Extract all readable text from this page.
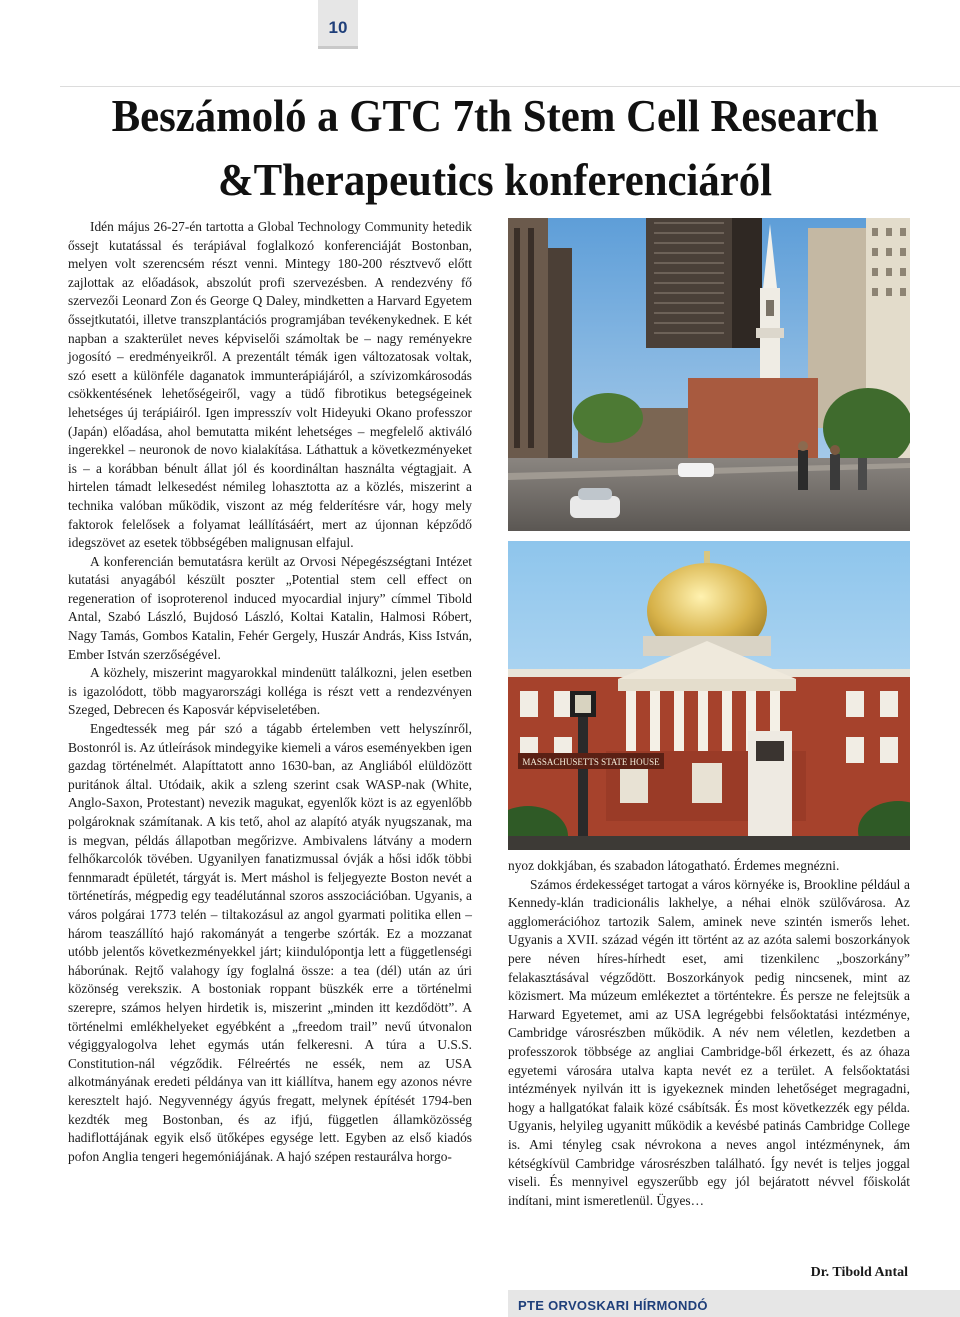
10
Beszámoló a GTC 7th Stem Cell Research
&Therapeutics konferenciáról

Idén május 26-27-én tartotta a Global Technology Community hetedik őssejt kutatással és terápiával foglalkozó konferenciáját Bostonban, melyen volt szerencsém részt venni. Mintegy 180-200 résztvevő előtt zajlottak az előadások, abszolút profi szervezésben. A rendezvény fő szervezői Leonard Zon és George Q Daley, mindketten a Harvard Egyetem őssejtkutatói, illetve transzplantációs programjában tevékenykednek. E két napban a szakterület neves képviselői számoltak be – nagy reményekre jogosító – eredményeikről. A prezentált témák igen változatosak voltak, szó esett a különféle daganatok immunterápiájáról, a szívizomkárosodás csökkentésének lehetőségeiről, vagy a tüdő fibrotikus betegségeinek lehetséges új terápiáiról. Igen impresszív volt Hideyuki Okano professzor (Japán) előadása, ahol bemutatta miként lehetséges – megfelelő aktiváló ingerekkel – neuronok de novo kialakítása. Láthattuk a következményeket is – a korábban bénult állat jól és koordináltan használta végtagjait. A hirtelen támadt lelkesedést némileg lohasztotta az a közlés, miszerint a technika valóban működik, viszont az még felderítésre vár, hogy mely faktorok felelősek a folyamat leállításáért, mert az újonnan képződő idegszövet az esetek többségében malignusan elfajul.

A konferencián bemutatásra került az Orvosi Népegészségtani Intézet kutatási anyagából készült poszter „Potential stem cell effect on regeneration of isoproterenol induced myocardial injury” címmel Tibold Antal, Szabó László, Bujdosó László, Koltai Katalin, Halmosi Róbert, Nagy Tamás, Gombos Katalin, Fehér Gergely, Huszár András, Kiss István, Ember István szerzőségével.

A közhely, miszerint magyarokkal mindenütt találkozni, jelen esetben is igazolódott, több magyarországi kolléga is részt vett a rendezvényen Szeged, Debrecen és Kaposvár képviseletében.

Engedtessék meg pár szó a tágabb értelemben vett helyszínről, Bostonról is. Az útleírások mindegyike kiemeli a város eseményekben igen gazdag történelmét. Alapíttatott anno 1630-ban, az Angliából elüldözött puritánok által. Utódaik, akik a szleng szerint csak WASP-nak (White, Anglo-Saxon, Protestant) nevezik magukat, egyenlők közt is az egyenlőbb polgároknak számítanak. A kis tető, ahol az alapító atyák nyugszanak, ma is megvan, példás állapotban megőrizve. Ambivalens látvány a modern felhőkarcolók tövében. Ugyanilyen fanatizmussal óvják a hősi idők többi fennmaradt épületét, tárgyát is. Mert máshol is feljegyezte Boston nevét a történetírás, mégpedig egy teadélutánnal szoros asszociációban. Ugyanis, a város polgárai 1773 telén – tiltakozásul az angol gyarmati politika ellen – három teaszállító hajó rakományát a tengerbe szórták. Ez a mozzanat utóbb jelentős következményekkel járt; kiindulópontja lett a függetlenségi háborúnak. Rejtő valahogy így foglalná össze: a tea (dél) után az úri közönség vereksziк. A bostoniak roppant büszkék erre a történelmi szerepre, számos helyen hirdetik is, miszerint „minden itt kezdődött”. A történelmi emlékhelyeket egyébként a „freedom trail” nevű útvonalon végiggyalogolva lehet egymás után felkeresni. A túra a U.S.S. Constitution-nál végződik. Félreértés ne essék, nem az USA alkotmányának eredeti példánya van itt kiállítva, hanem egy azonos névre keresztelt hajó. Negyvennégy ágyús fregatt, melynek építését 1794-ben kezdték meg Bostonban, és az ifjú, független államközösség hadiflottájának egyik első ütőképes egysége lett. Egyben az első kiadós pofon Anglia tengeri hegemóniájának. A hajó szépen restaurálva horgo-

MASSACHUSETTS STATE HOUSE

nyoz dokkjában, és szabadon látogatható. Érdemes megnézni.

Számos érdekességet tartogat a város környéke is, Brookline például a Kennedy-klán tradicionális lakhelye, a néhai elnök szülővárosa. Az agglomerációhoz tartozik Salem, aminek neve szintén ismerős lehet. Ugyanis a XVII. század végén itt történt az az azóta salemi boszorkányok pere néven híres-hírhedt eset, ami tizenkilenc „boszorkány” felakasztásával végződött. Boszorkányok pedig nincsenek, mint az közismert. Ma múzeum emlékeztet a történtekre. És persze ne felejtsük a Harward Egyetemet, ami az USA legrégebbi felsőoktatási intézménye, Cambridge városrészben működik. A név nem véletlen, kezdetben a professzorok többsége az angliai Cambridge-ből érkezett, és az óhaza egyetemi városára utalva kapta nevét ez a terület. A felsőoktatási intézmények nyilván itt is igyekeznek minden lehetőséget megragadni, hogy a hallgatókat falaik közé csábítsák. És most következzék egy példa. Ugyanis, helyileg ugyanitt működik a kevésbé patinás Cambridge College is. Ami tényleg csak névrokona a neves angol intézménynek, ám kétségkívül Cambridge városrészben található. Így nevét is teljes joggal viseli. És mennyivel egyszerűbb egy jól bejáratott névvel főiskolát indítani, mint ismeretlenül. Ügyes…

Dr. Tibold Antal
PTE ORVOSKARI HÍRMONDÓ
